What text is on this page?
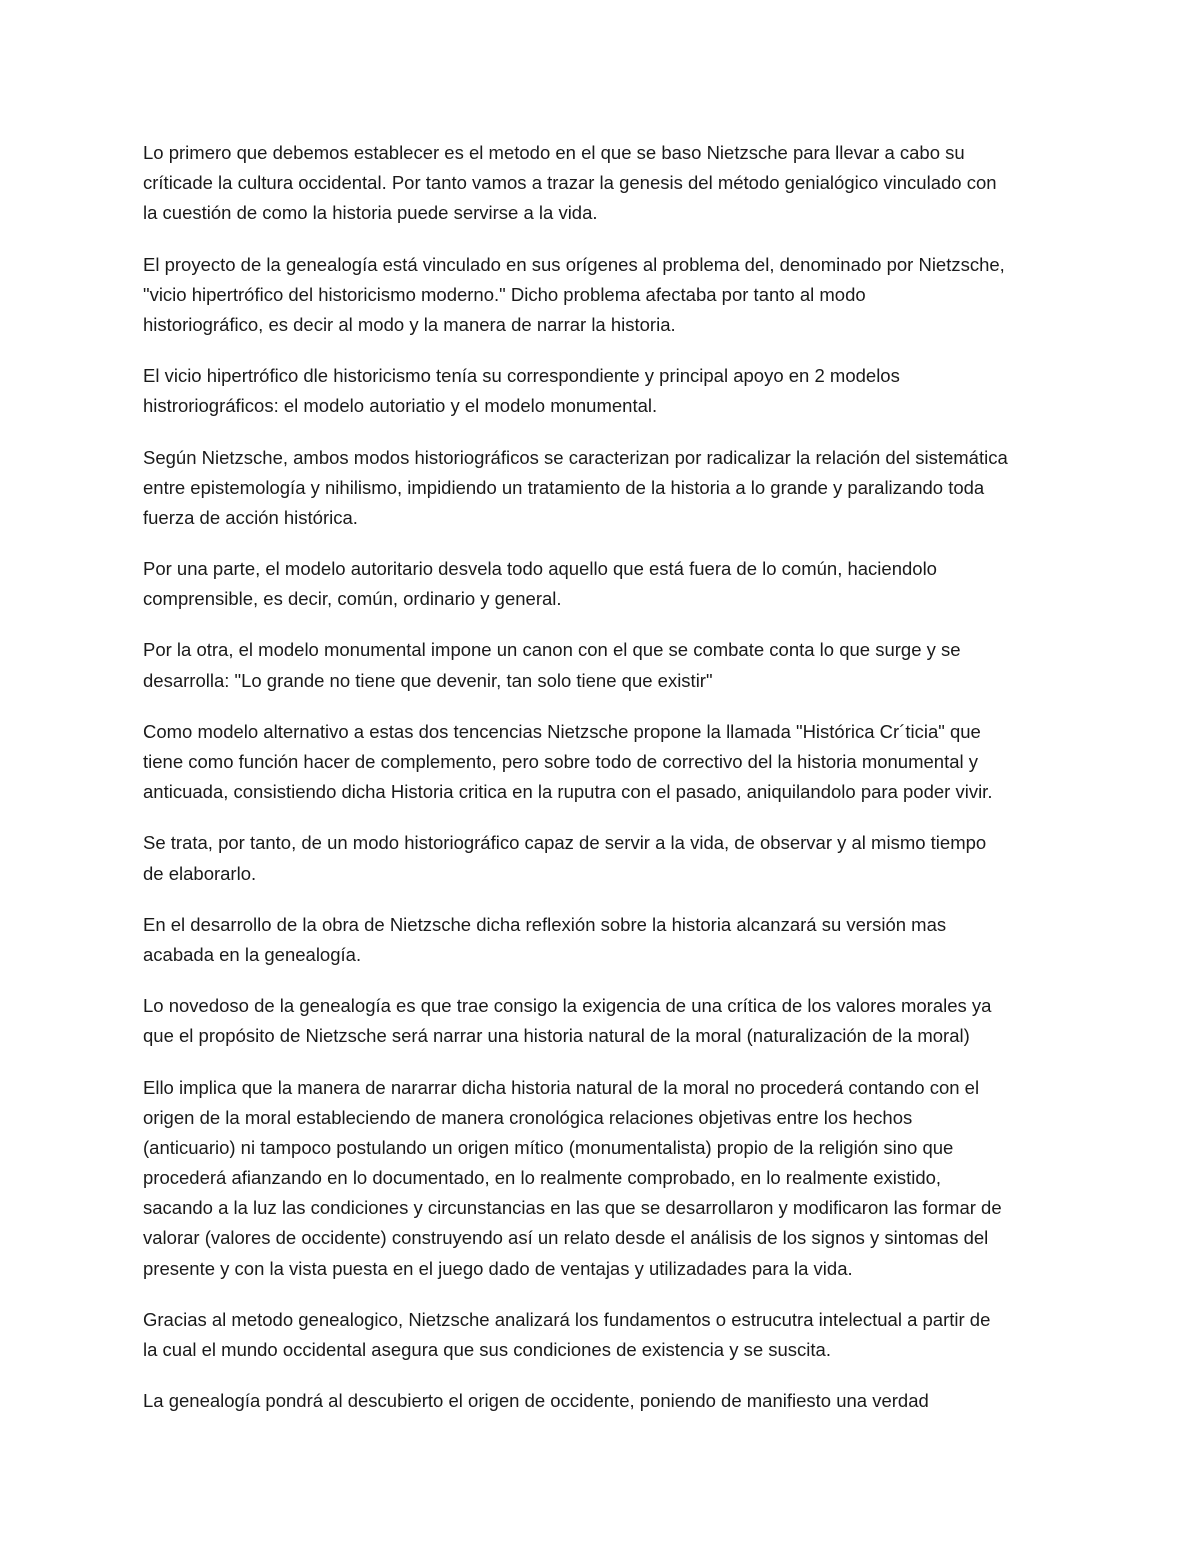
Lo primero que debemos establecer es el metodo en el que se baso Nietzsche para llevar a cabo su
críticade la cultura occidental. Por tanto vamos a trazar la genesis del método genialógico vinculado con
la cuestión de como la historia puede servirse a la vida.

El proyecto de la genealogía está vinculado en sus orígenes al problema del, denominado por Nietzsche,
"vicio hipertrófico del historicismo moderno." Dicho problema afectaba por tanto al modo
historiográfico, es decir al modo y la manera de narrar la historia.

El vicio hipertrófico dle historicismo tenía su correspondiente y principal apoyo en 2 modelos
histroriográficos: el modelo autoriatio y el modelo monumental.

Según Nietzsche, ambos modos historiográficos se caracterizan por radicalizar la relación del sistemática
entre epistemología y nihilismo, impidiendo un tratamiento de la historia a lo grande y paralizando toda
fuerza de acción histórica.

Por una parte, el modelo autoritario desvela todo aquello que está fuera de lo común, haciendolo
comprensible, es decir, común, ordinario y general.

Por la otra, el modelo monumental impone un canon con el que se combate conta lo que surge y se
desarrolla: "Lo grande no tiene que devenir, tan solo tiene que existir"

Como modelo alternativo a estas dos tencencias Nietzsche propone la llamada "Histórica Cr´ticia" que
tiene como función hacer de complemento, pero sobre todo de correctivo del la historia monumental y
anticuada, consistiendo dicha Historia critica en la ruputra con el pasado, aniquilandolo para poder vivir.

Se trata, por tanto, de un modo historiográfico capaz de servir a la vida, de observar y al mismo tiempo
de elaborarlo.

En el desarrollo de la obra de Nietzsche dicha reflexión sobre la historia alcanzará su versión mas
acabada en la genealogía.

Lo novedoso de la genealogía es que trae consigo la exigencia de una crítica de los valores morales ya
que el propósito de Nietzsche será narrar una historia natural de la moral (naturalización de la moral)

Ello implica que la manera de nararrar dicha historia natural de la moral no procederá contando con el
origen de la moral estableciendo de manera cronológica relaciones objetivas entre los hechos
(anticuario) ni tampoco postulando un origen mítico (monumentalista) propio de la religión sino que
procederá afianzando en lo documentado, en lo realmente comprobado, en lo realmente existido,
sacando a la luz las condiciones y circunstancias en las que se desarrollaron y modificaron las formar de
valorar (valores de occidente) construyendo así un relato desde el análisis de los signos y sintomas del
presente y con la vista puesta en el juego dado de ventajas y utilizadades para la vida.

Gracias al metodo genealogico, Nietzsche analizará los fundamentos o estrucutra intelectual a partir de
la cual el mundo occidental asegura que sus condiciones de existencia y se suscita.

La genealogía pondrá al descubierto el origen de occidente, poniendo de manifiesto una verdad
